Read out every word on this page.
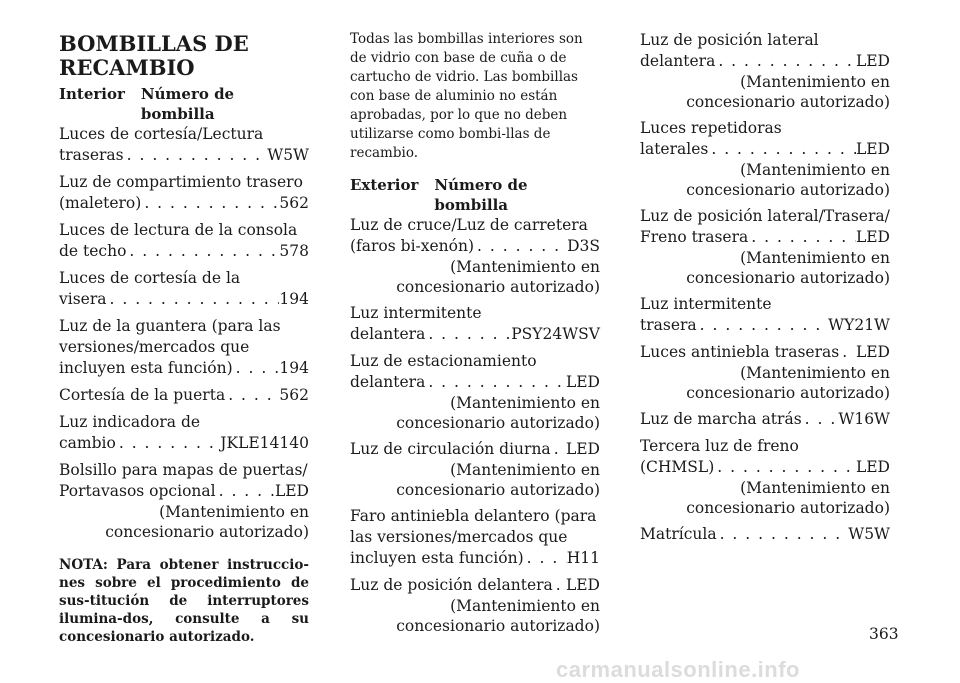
BOMBILLAS DE
RECAMBIO
Interior Número de bombilla
Luces de cortesía/Lectura
traseras . . .	W5W
Luz de compartimiento trasero
(maletero) . . .	562
Luces de lectura de la consola
de techo . . .	578
Luces de cortesía de la
visera . . .	194
Luz de la guantera (para las
versiones/mercados que
incluyen esta función) . . .	194
Cortesía de la puerta . . .	562
Luz indicadora de
cambio . . .	JKLE14140
Bolsillo para mapas de puertas/
Portavasos opcional . . .	LED
(Mantenimiento en
concesionario autorizado)
NOTA: Para obtener instruccio-nes sobre el procedimiento de sus-titución de interruptores ilumina-dos, consulte a su concesionario autorizado.
Todas las bombillas interiores son de vidrio con base de cuña o de cartucho de vidrio. Las bombillas con base de aluminio no están aprobadas, por lo que no deben utilizarse como bombi-llas de recambio.
Exterior Número de bombilla
Luz de cruce/Luz de carretera
(faros bi-xenón) . . .	D3S
(Mantenimiento en
concesionario autorizado)
Luz intermitente
delantera . . .	PSY24WSV
Luz de estacionamiento
delantera . . .	LED
(Mantenimiento en
concesionario autorizado)
Luz de circulación diurna . . . LED
(Mantenimiento en
concesionario autorizado)
Faro antiniebla delantero (para
las versiones/mercados que
incluyen esta función) . . .	H11
Luz de posición delantera . . . LED
(Mantenimiento en
concesionario autorizado)
Luz de posición lateral
delantera . . .	LED
(Mantenimiento en
concesionario autorizado)
Luces repetidoras
laterales . . .	LED
(Mantenimiento en
concesionario autorizado)
Luz de posición lateral/Trasera/
Freno trasera . . .	LED
(Mantenimiento en
concesionario autorizado)
Luz intermitente
trasera . . .	WY21W
Luces antiniebla traseras . . . LED
(Mantenimiento en
concesionario autorizado)
Luz de marcha atrás . . . W16W
Tercera luz de freno
(CHMSL) . . .	LED
(Mantenimiento en
concesionario autorizado)
Matrícula . . .	W5W
363
carmanualsonline.info
